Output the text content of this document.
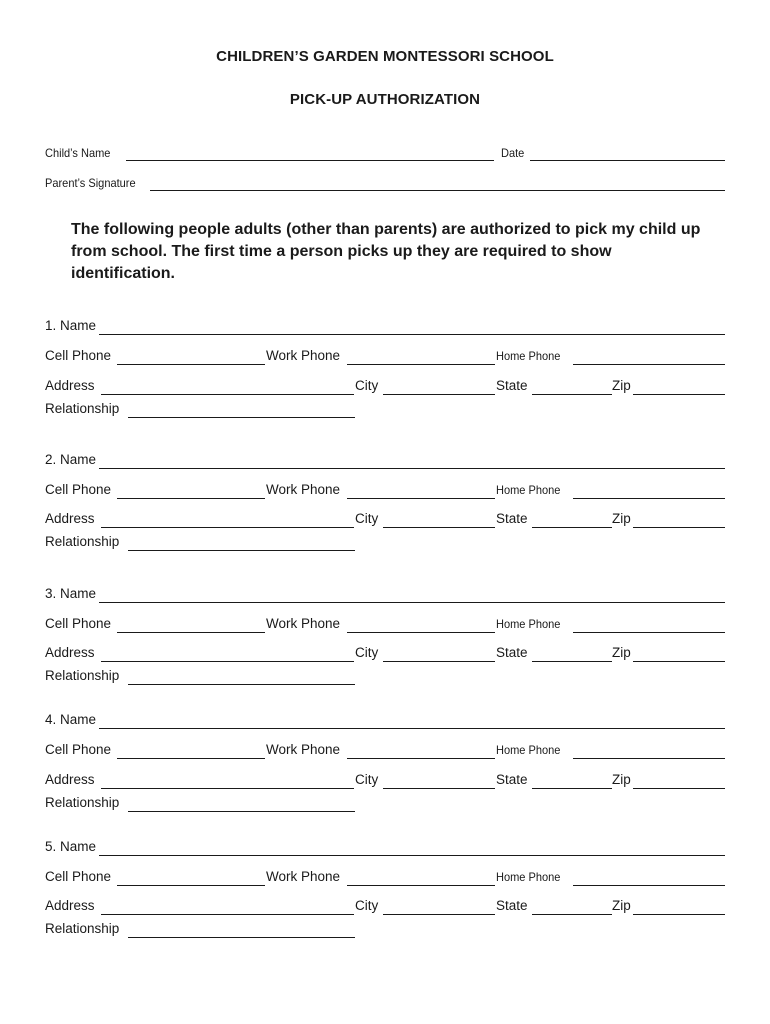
CHILDREN’S GARDEN MONTESSORI SCHOOL
PICK-UP AUTHORIZATION
Child’s Name	Date
Parent’s Signature
The following people adults (other than parents) are authorized to pick my child up from school. The first time a person picks up they are required to show identification.
1. Name
Cell Phone	Work Phone	Home Phone
Address	City	State	Zip
Relationship
2. Name
Cell Phone	Work Phone	Home Phone
Address	City	State	Zip
Relationship
3. Name
Cell Phone	Work Phone	Home Phone
Address	City	State	Zip
Relationship
4. Name
Cell Phone	Work Phone	Home Phone
Address	City	State	Zip
Relationship
5. Name
Cell Phone	Work Phone	Home Phone
Address	City	State	Zip
Relationship
